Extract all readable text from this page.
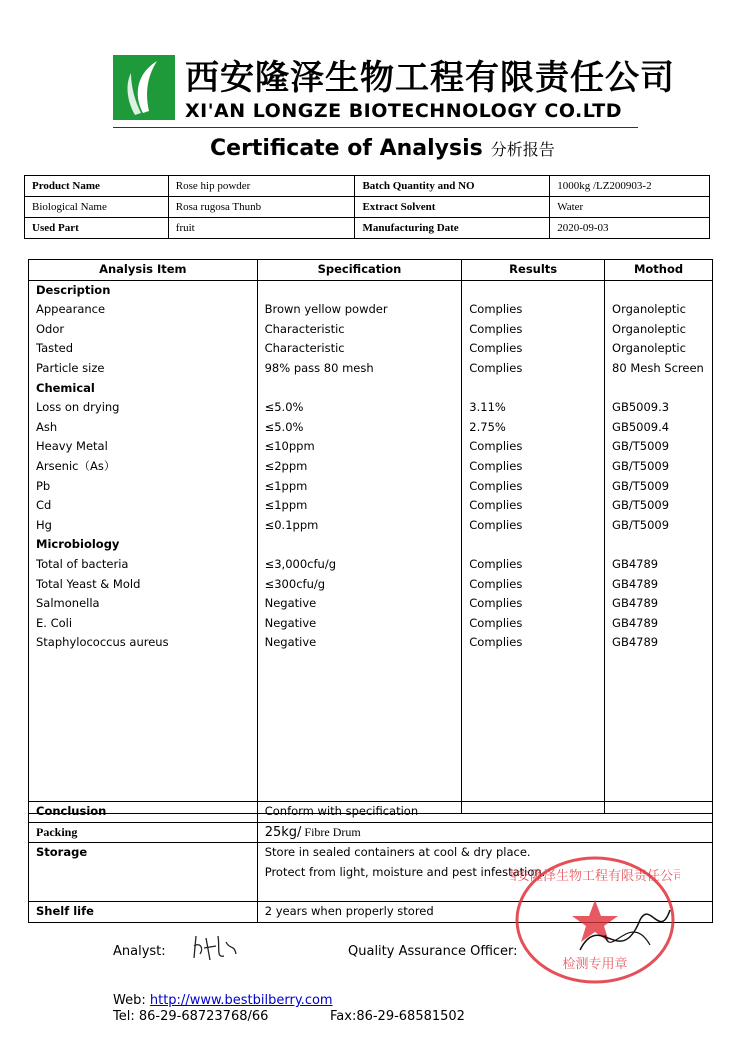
西安隆泽生物工程有限责任公司
XI'AN LONGZE BIOTECHNOLOGY CO.LTD
Certificate of Analysis 分析报告
Product Name	Rose hip powder	Batch Quantity and NO	1000kg /LZ200903-2
Biological Name	Rosa rugosa Thunb	Extract Solvent	Water
Used Part	fruit	Manufacturing Date	2020-09-03
Analysis Item	Specification	Results	Mothod
Description			
Appearance	Brown yellow powder	Complies	Organoleptic
Odor	Characteristic	Complies	Organoleptic
Tasted	Characteristic	Complies	Organoleptic
Particle size	98% pass 80 mesh	Complies	80 Mesh Screen
Chemical			
Loss on drying	≤5.0%	3.11%	GB5009.3
Ash	≤5.0%	2.75%	GB5009.4
Heavy Metal	≤10ppm	Complies	GB/T5009
Arsenic（As）	≤2ppm	Complies	GB/T5009
Pb	≤1ppm	Complies	GB/T5009
Cd	≤1ppm	Complies	GB/T5009
Hg	≤0.1ppm	Complies	GB/T5009
Microbiology			
Total of bacteria	≤3,000cfu/g	Complies	GB4789
Total Yeast & Mold	≤300cfu/g	Complies	GB4789
Salmonella	Negative	Complies	GB4789
E. Coli	Negative	Complies	GB4789
Staphylococcus aureus	Negative	Complies	GB4789

Conclusion	Conform with specification
Packing	25kg/ Fibre Drum
Storage	Store in sealed containers at cool & dry place.
Protect from light, moisture and pest infestation.

Shelf life	2 years when properly stored
西安隆泽生物工程有限责任公司
检测专用章
Analyst:	Quality Assurance Officer:
Web: http://www.bestbilberry.com
Tel: 86-29-68723768/66	Fax:86-29-68581502
